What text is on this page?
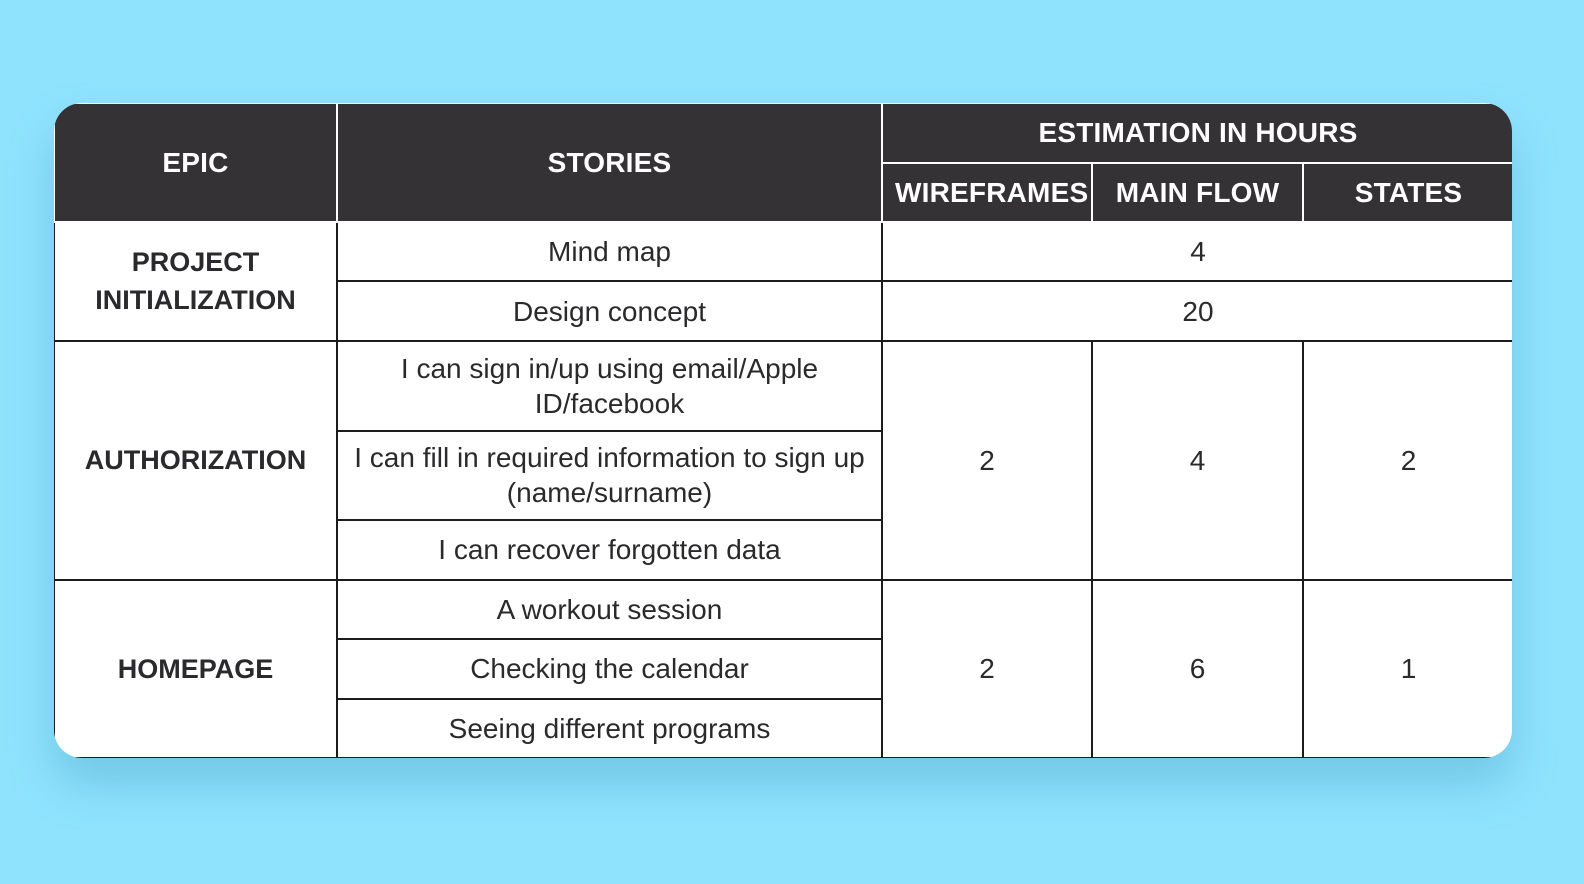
EPIC	STORIES	ESTIMATION IN HOURS		
		WIREFRAMES	MAIN FLOW	STATES
PROJECT INITIALIZATION	Mind map	4		
	Design concept	20		
AUTHORIZATION	I can sign in/up using email/Apple ID/facebook	2	4	2
	I can fill in required information to sign up (name/surname)			
	I can recover forgotten data			
HOMEPAGE	A workout session	2	6	1
	Checking the calendar			
	Seeing different programs			
